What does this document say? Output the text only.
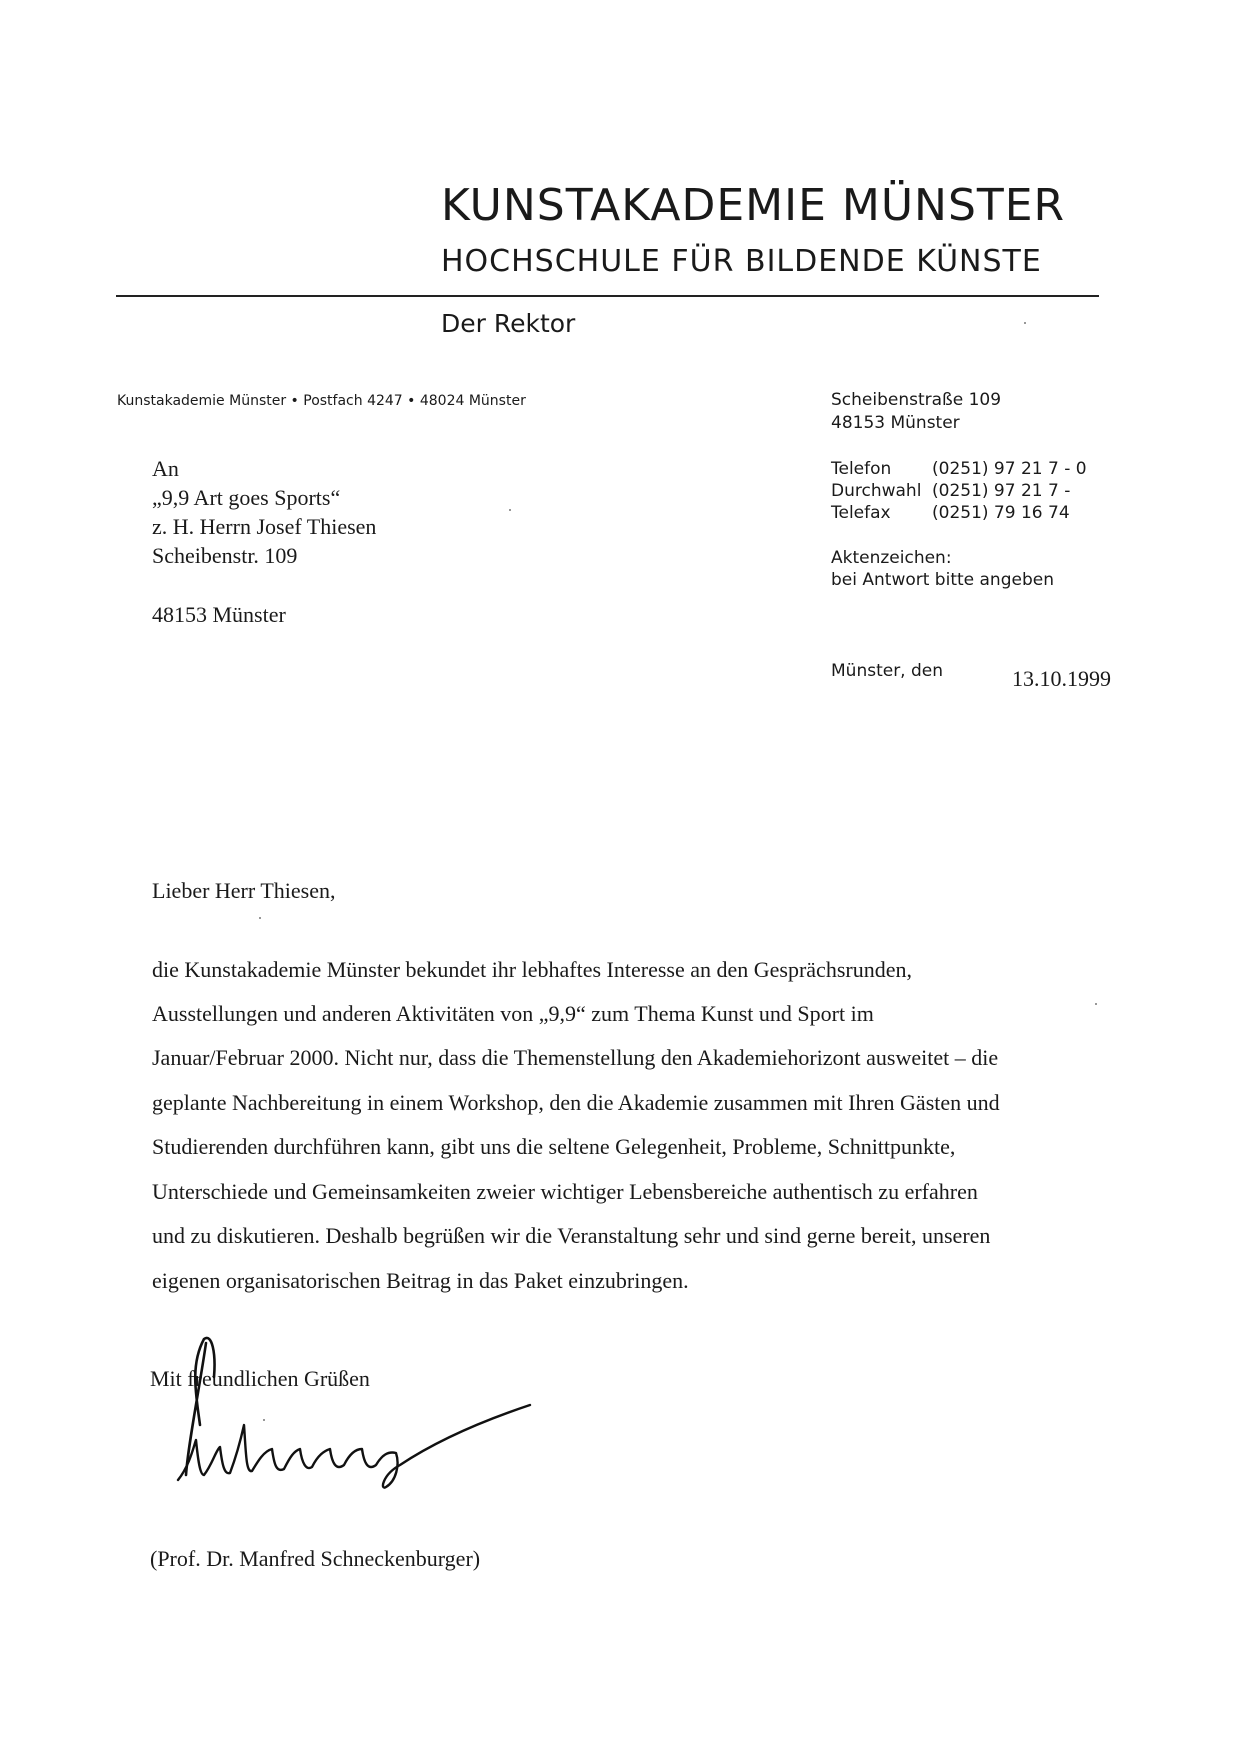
KUNSTAKADEMIE MÜNSTER
HOCHSCHULE FÜR BILDENDE KÜNSTE
Der Rektor
Kunstakademie Münster • Postfach 4247 • 48024 Münster
An
„9,9 Art goes Sports“
z. H. Herrn Josef Thiesen
Scheibenstr. 109
48153 Münster
Scheibenstraße 109
48153 Münster
Telefon (0251) 97 21 7 - 0
Durchwahl (0251) 97 21 7 -
Telefax (0251) 79 16 74
Aktenzeichen:
bei Antwort bitte angeben
Münster, den	13.10.1999
Lieber Herr Thiesen,
die Kunstakademie Münster bekundet ihr lebhaftes Interesse an den Gesprächsrunden,
Ausstellungen und anderen Aktivitäten von „9,9“ zum Thema Kunst und Sport im
Januar/Februar 2000. Nicht nur, dass die Themenstellung den Akademiehorizont ausweitet – die
geplante Nachbereitung in einem Workshop, den die Akademie zusammen mit Ihren Gästen und
Studierenden durchführen kann, gibt uns die seltene Gelegenheit, Probleme, Schnittpunkte,
Unterschiede und Gemeinsamkeiten zweier wichtiger Lebensbereiche authentisch zu erfahren
und zu diskutieren. Deshalb begrüßen wir die Veranstaltung sehr und sind gerne bereit, unseren
eigenen organisatorischen Beitrag in das Paket einzubringen.
Mit freundlichen Grüßen
(Prof. Dr. Manfred Schneckenburger)
